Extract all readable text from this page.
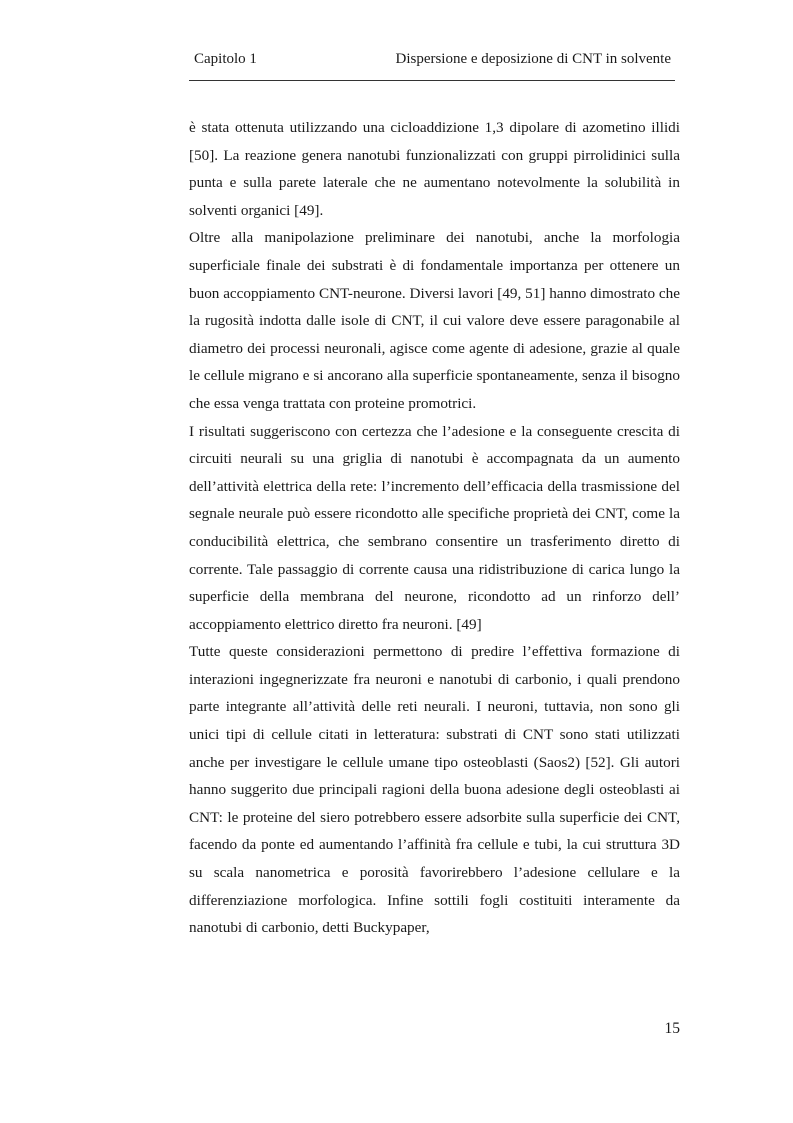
Capitolo 1	Dispersione e deposizione di CNT in solvente

è stata ottenuta utilizzando una cicloaddizione 1,3 dipolare di azometino illidi [50]. La reazione genera nanotubi funzionalizzati con gruppi pirrolidinici sulla punta e sulla parete laterale che ne aumentano notevolmente la solubilità in solventi organici [49].

Oltre alla manipolazione preliminare dei nanotubi, anche la morfologia superficiale finale dei substrati è di fondamentale importanza per ottenere un buon accoppiamento CNT-neurone. Diversi lavori [49, 51] hanno dimostrato che la rugosità indotta dalle isole di CNT, il cui valore deve essere paragonabile al diametro dei processi neuronali, agisce come agente di adesione, grazie al quale le cellule migrano e si ancorano alla superficie spontaneamente, senza il bisogno che essa venga trattata con proteine promotrici.

I risultati suggeriscono con certezza che l’adesione e la conseguente crescita di circuiti neurali su una griglia di nanotubi è accompagnata da un aumento dell’attività elettrica della rete: l’incremento dell’efficacia della trasmissione del segnale neurale può essere ricondotto alle specifiche proprietà dei CNT, come la conducibilità elettrica, che sembrano consentire un trasferimento diretto di corrente. Tale passaggio di corrente causa una ridistribuzione di carica lungo la superficie della membrana del neurone, ricondotto ad un rinforzo dell’ accoppiamento elettrico diretto fra neuroni. [49]

Tutte queste considerazioni permettono di predire l’effettiva formazione di interazioni ingegnerizzate fra neuroni e nanotubi di carbonio, i quali prendono parte integrante all’attività delle reti neurali. I neuroni, tuttavia, non sono gli unici tipi di cellule citati in letteratura: substrati di CNT sono stati utilizzati anche per investigare le cellule umane tipo osteoblasti (Saos2) [52]. Gli autori hanno suggerito due principali ragioni della buona adesione degli osteoblasti ai CNT: le proteine del siero potrebbero essere adsorbite sulla superficie dei CNT, facendo da ponte ed aumentando l’affinità fra cellule e tubi, la cui struttura 3D su scala nanometrica e porosità favorirebbero l’adesione cellulare e la differenziazione morfologica. Infine sottili fogli costituiti interamente da nanotubi di carbonio, detti Buckypaper,

15
